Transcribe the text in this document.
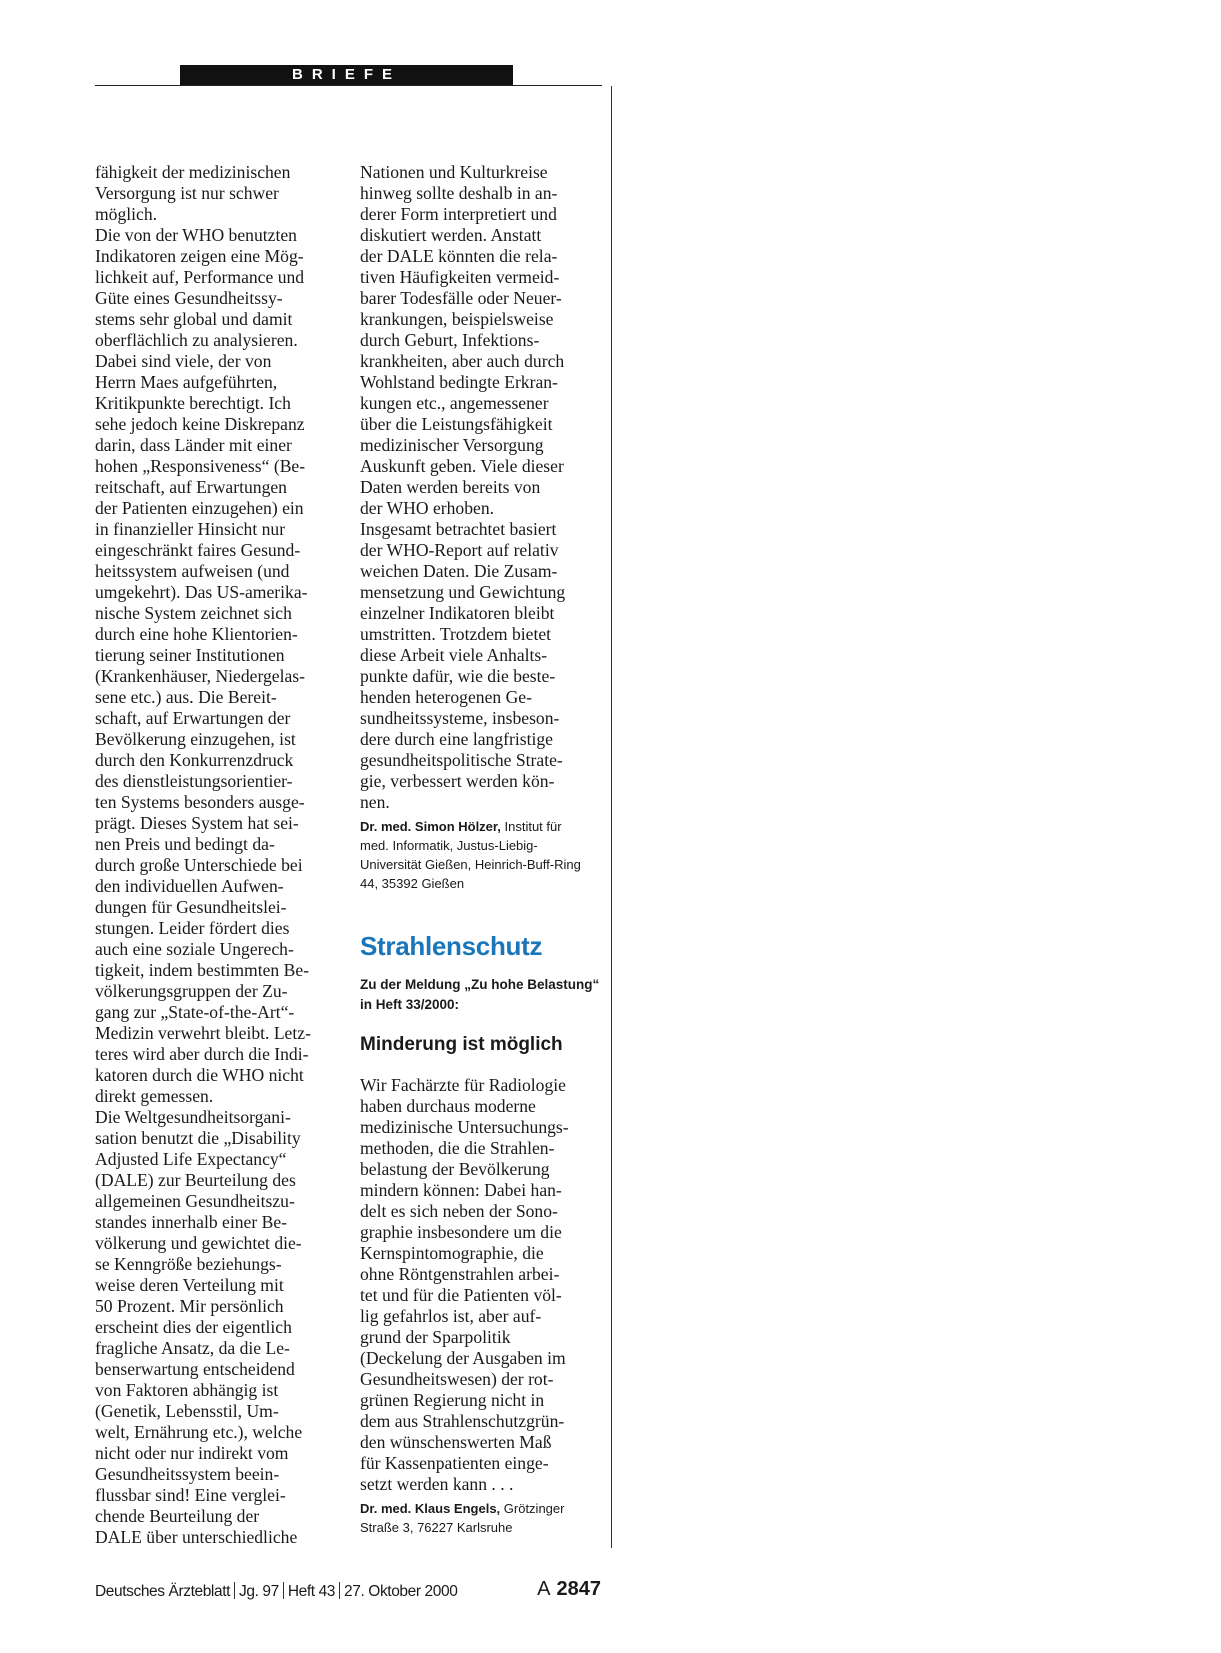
BRIEFE
fähigkeit der medizinischen
Versorgung ist nur schwer
möglich.
Die von der WHO benutzten
Indikatoren zeigen eine Mög-
lichkeit auf, Performance und
Güte eines Gesundheitssy-
stems sehr global und damit
oberflächlich zu analysieren.
Dabei sind viele, der von
Herrn Maes aufgeführten,
Kritikpunkte berechtigt. Ich
sehe jedoch keine Diskrepanz
darin, dass Länder mit einer
hohen „Responsiveness“ (Be-
reitschaft, auf Erwartungen
der Patienten einzugehen) ein
in finanzieller Hinsicht nur
eingeschränkt faires Gesund-
heitssystem aufweisen (und
umgekehrt). Das US-amerika-
nische System zeichnet sich
durch eine hohe Klientorien-
tierung seiner Institutionen
(Krankenhäuser, Niedergelas-
sene etc.) aus. Die Bereit-
schaft, auf Erwartungen der
Bevölkerung einzugehen, ist
durch den Konkurrenzdruck
des dienstleistungsorientier-
ten Systems besonders ausge-
prägt. Dieses System hat sei-
nen Preis und bedingt da-
durch große Unterschiede bei
den individuellen Aufwen-
dungen für Gesundheitslei-
stungen. Leider fördert dies
auch eine soziale Ungerech-
tigkeit, indem bestimmten Be-
völkerungsgruppen der Zu-
gang zur „State-of-the-Art“-
Medizin verwehrt bleibt. Letz-
teres wird aber durch die Indi-
katoren durch die WHO nicht
direkt gemessen.
Die Weltgesundheitsorgani-
sation benutzt die „Disability
Adjusted Life Expectancy“
(DALE) zur Beurteilung des
allgemeinen Gesundheitszu-
standes innerhalb einer Be-
völkerung und gewichtet die-
se Kenngröße beziehungs-
weise deren Verteilung mit
50 Prozent. Mir persönlich
erscheint dies der eigentlich
fragliche Ansatz, da die Le-
benserwartung entscheidend
von Faktoren abhängig ist
(Genetik, Lebensstil, Um-
welt, Ernährung etc.), welche
nicht oder nur indirekt vom
Gesundheitssystem beein-
flussbar sind! Eine verglei-
chende Beurteilung der
DALE über unterschiedliche
Nationen und Kulturkreise
hinweg sollte deshalb in an-
derer Form interpretiert und
diskutiert werden. Anstatt
der DALE könnten die rela-
tiven Häufigkeiten vermeid-
barer Todesfälle oder Neuer-
krankungen, beispielsweise
durch Geburt, Infektions-
krankheiten, aber auch durch
Wohlstand bedingte Erkran-
kungen etc., angemessener
über die Leistungsfähigkeit
medizinischer Versorgung
Auskunft geben. Viele dieser
Daten werden bereits von
der WHO erhoben.
Insgesamt betrachtet basiert
der WHO-Report auf relativ
weichen Daten. Die Zusam-
mensetzung und Gewichtung
einzelner Indikatoren bleibt
umstritten. Trotzdem bietet
diese Arbeit viele Anhalts-
punkte dafür, wie die beste-
henden heterogenen Ge-
sundheitssysteme, insbeson-
dere durch eine langfristige
gesundheitspolitische Strate-
gie, verbessert werden kön-
nen.
Dr. med. Simon Hölzer, Institut für
med. Informatik, Justus-Liebig-
Universität Gießen, Heinrich-Buff-Ring
44, 35392 Gießen
Strahlenschutz
Zu der Meldung „Zu hohe Belastung“
in Heft 33/2000:
Minderung ist möglich
Wir Fachärzte für Radiologie
haben durchaus moderne
medizinische Untersuchungs-
methoden, die die Strahlen-
belastung der Bevölkerung
mindern können: Dabei han-
delt es sich neben der Sono-
graphie insbesondere um die
Kernspintomographie, die
ohne Röntgenstrahlen arbei-
tet und für die Patienten völ-
lig gefahrlos ist, aber auf-
grund der Sparpolitik
(Deckelung der Ausgaben im
Gesundheitswesen) der rot-
grünen Regierung nicht in
dem aus Strahlenschutzgrün-
den wünschenswerten Maß
für Kassenpatienten einge-
setzt werden kann . . .
Dr. med. Klaus Engels, Grötzinger
Straße 3, 76227 Karlsruhe
Deutsches Ärzteblatt Jg. 97 Heft 43 27. Oktober 2000	A 2847
